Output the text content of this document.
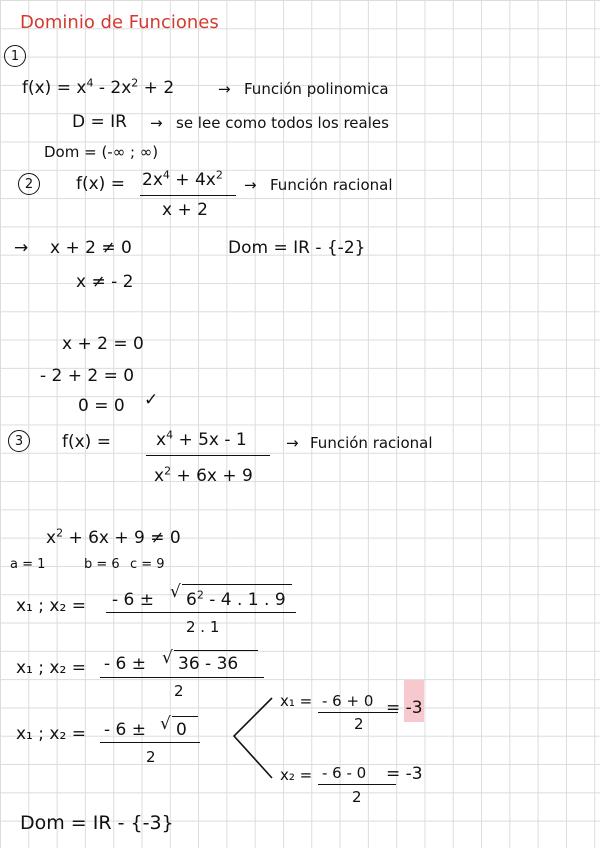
Dominio de Funciones
1
$f(x) = x^4 - 2x^2 + 2$	→ Función polinomica
D = IR → se lee como todos los reales
Dom = (-∞ ; ∞)
2	$f(x) = 2x^4 + 4x^2$
x + 2
→ Función racional
→ x + 2 ≠ 0
x ≠ - 2
Dom = IR - {-2}
x + 2 = 0
- 2 + 2 = 0
0 = 0 ✓
3	f(x) =	$x^4 + 5x - 1$
$x^2 + 6x + 9$
→ Función racional
$x^2 + 6x + 9 \ne 0$
a = 1	b = 6 c = 9
x₁ ; x₂ = - 6 ± √ $6^2 - 4$ . 1 . 9
2 . 1
x₁ ; x₂ = - 6 ± √ 36 - 36
2
x₁ ; x₂ = - 6 ± √ 0
2
x₁ = - 6 + 0
2
= -3
x₂ = - 6 - 0
2
= -3
Dom = IR - {-3}
